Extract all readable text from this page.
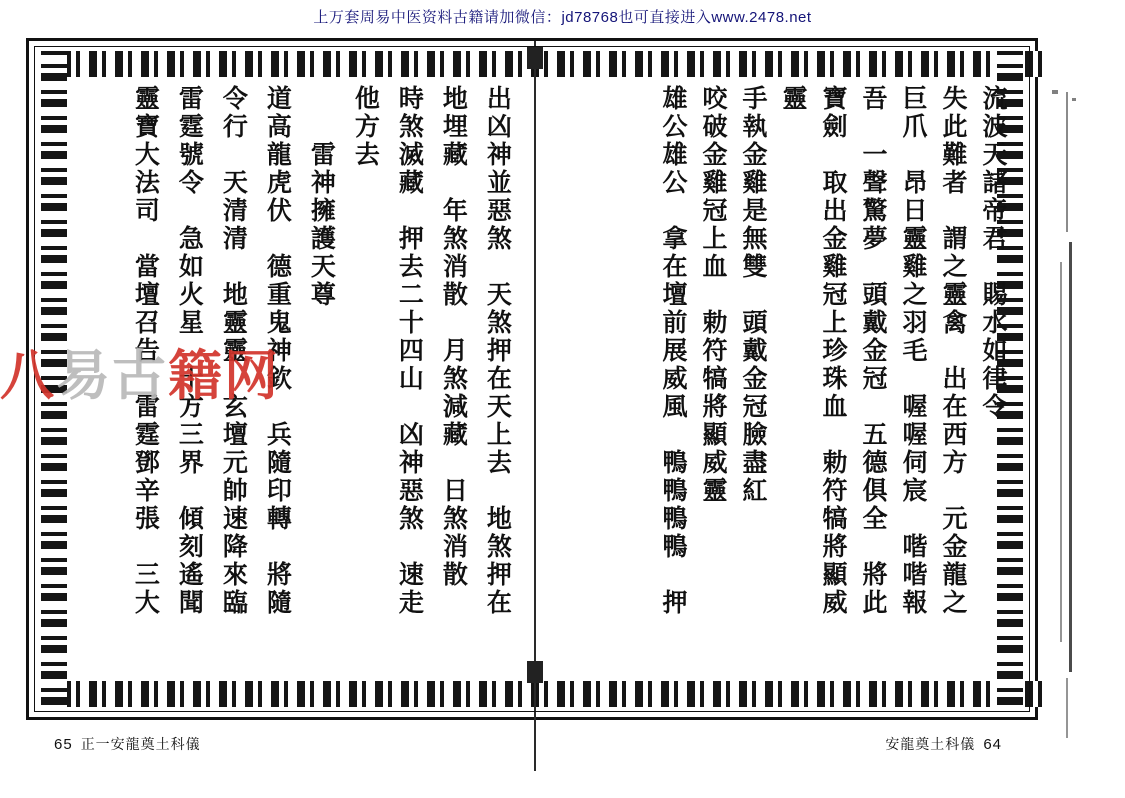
上万套周易中医资料古籍请加微信：jd78768也可直接进入www.2478.net
流波天諸帝君　賜水如律令
失此難者　謂之靈禽　出在西方　元金龍之
巨爪　昂日靈雞之羽毛　喔喔伺宸　喈喈報
吾　一聲驚夢　頭戴金冠　五德俱全　將此
寶劍　取出金雞冠上珍珠血　勅符犒將顯威
靈
手執金雞是無雙　頭戴金冠臉盡紅
咬破金雞冠上血　勅符犒將顯威靈
雄公雄公　拿在壇前展威風　鴨鴨鴨鴨　押
出凶神並惡煞　天煞押在天上去　地煞押在
地埋藏　年煞消散　月煞減藏　日煞消散
時煞滅藏　押去二十四山　凶神惡煞　速走
他方去
　　雷神擁護天尊
道高龍虎伏　德重鬼神欽　兵隨印轉　將隨
令行　天清清　地靈靈　玄壇元帥速降來臨
雷霆號令　急如火星　十方三界　傾刻遙聞
靈寶大法司　當壇召告　雷霆鄧辛張　三大
65 正一安龍奠土科儀	安龍奠土科儀 64
八易古籍网
